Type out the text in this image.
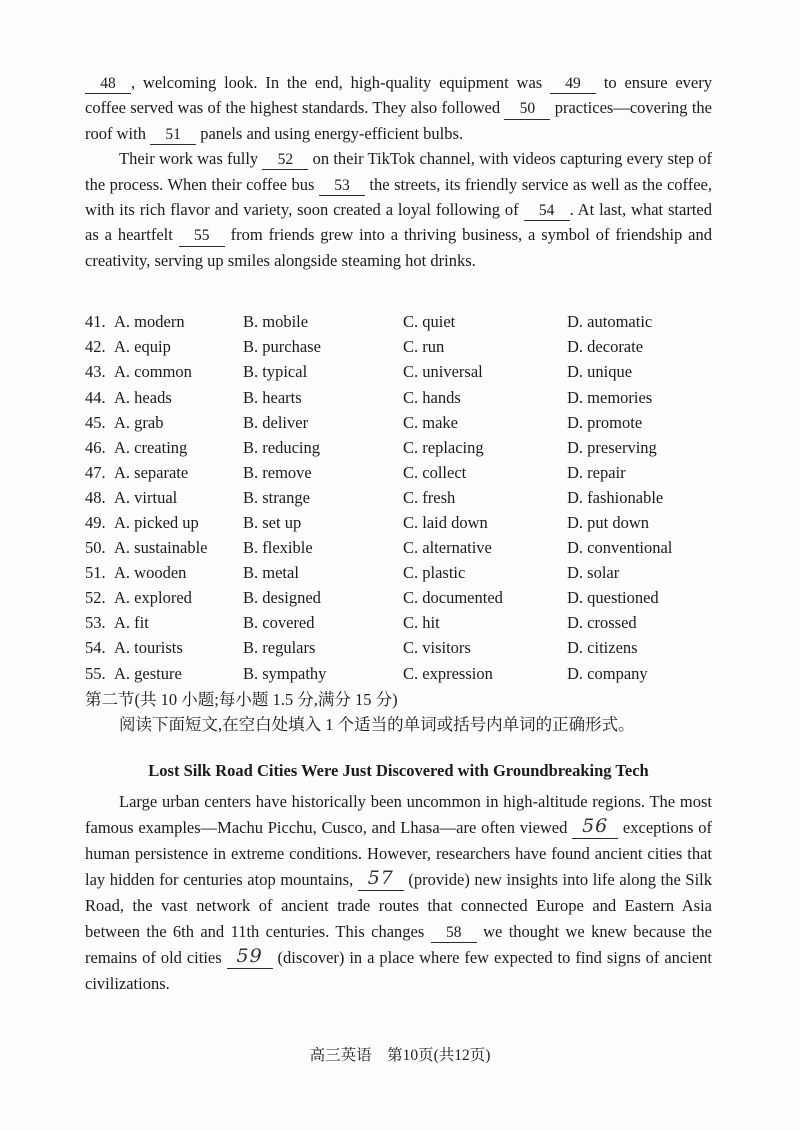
48 , welcoming look. In the end, high-quality equipment was 49 to ensure every coffee served was of the highest standards. They also followed 50 practices—covering the roof with 51 panels and using energy-efficient bulbs.

Their work was fully 52 on their TikTok channel, with videos capturing every step of the process. When their coffee bus 53 the streets, its friendly service as well as the coffee, with its rich flavor and variety, soon created a loyal following of 54 . At last, what started as a heartfelt 55 from friends grew into a thriving business, a symbol of friendship and creativity, serving up smiles alongside steaming hot drinks.

41. A. modern	B. mobile	C. quiet	D. automatic
42. A. equip	B. purchase	C. run	D. decorate
43. A. common	B. typical	C. universal	D. unique
44. A. heads	B. hearts	C. hands	D. memories
45. A. grab	B. deliver	C. make	D. promote
46. A. creating	B. reducing	C. replacing	D. preserving
47. A. separate	B. remove	C. collect	D. repair
48. A. virtual	B. strange	C. fresh	D. fashionable
49. A. picked up	B. set up	C. laid down	D. put down
50. A. sustainable	B. flexible	C. alternative	D. conventional
51. A. wooden	B. metal	C. plastic	D. solar
52. A. explored	B. designed	C. documented	D. questioned
53. A. fit	B. covered	C. hit	D. crossed
54. A. tourists	B. regulars	C. visitors	D. citizens
55. A. gesture	B. sympathy	C. expression	D. company

第二节(共 10 小题;每小题 1.5 分,满分 15 分)

阅读下面短文,在空白处填入 1 个适当的单词或括号内单词的正确形式。

Lost Silk Road Cities Were Just Discovered with Groundbreaking Tech

Large urban centers have historically been uncommon in high-altitude regions. The most famous examples—Machu Picchu, Cusco, and Lhasa—are often viewed 56 exceptions of human persistence in extreme conditions. However, researchers have found ancient cities that lay hidden for centuries atop mountains, 57 (provide) new insights into life along the Silk Road, the vast network of ancient trade routes that connected Europe and Eastern Asia between the 6th and 11th centuries. This changes 58 we thought we knew because the remains of old cities 59 (discover) in a place where few expected to find signs of ancient civilizations.

高三英语　第10页(共12页)
